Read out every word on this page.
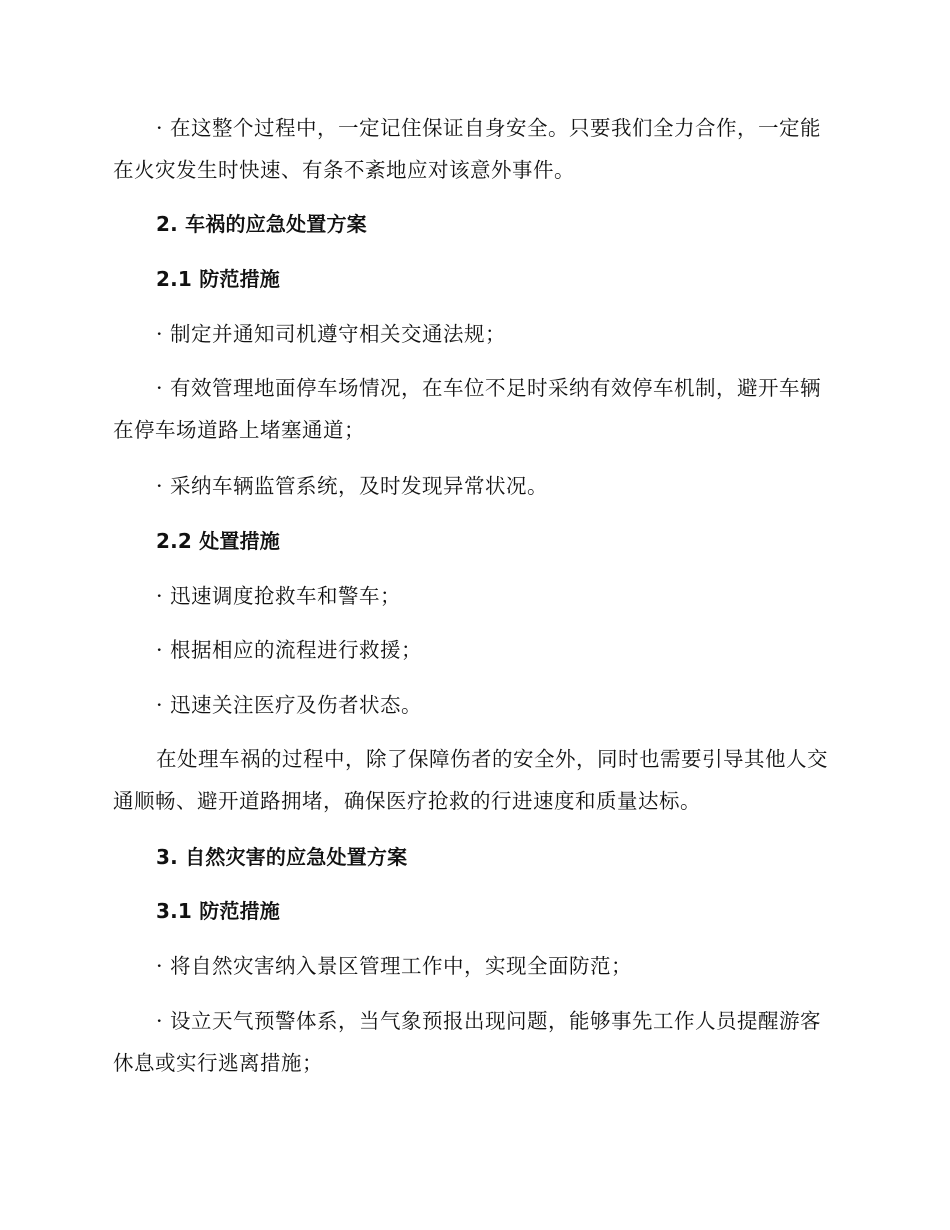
· 在这整个过程中，一定记住保证自身安全。只要我们全力合作，一定能在火灾发生时快速、有条不紊地应对该意外事件。

2. 车祸的应急处置方案

2.1 防范措施

· 制定并通知司机遵守相关交通法规；

· 有效管理地面停车场情况，在车位不足时采纳有效停车机制，避开车辆在停车场道路上堵塞通道；

· 采纳车辆监管系统，及时发现异常状况。

2.2 处置措施

· 迅速调度抢救车和警车；

· 根据相应的流程进行救援；

· 迅速关注医疗及伤者状态。

在处理车祸的过程中，除了保障伤者的安全外，同时也需要引导其他人交通顺畅、避开道路拥堵，确保医疗抢救的行进速度和质量达标。

3. 自然灾害的应急处置方案

3.1 防范措施

· 将自然灾害纳入景区管理工作中，实现全面防范；

· 设立天气预警体系，当气象预报出现问题，能够事先工作人员提醒游客休息或实行逃离措施；
